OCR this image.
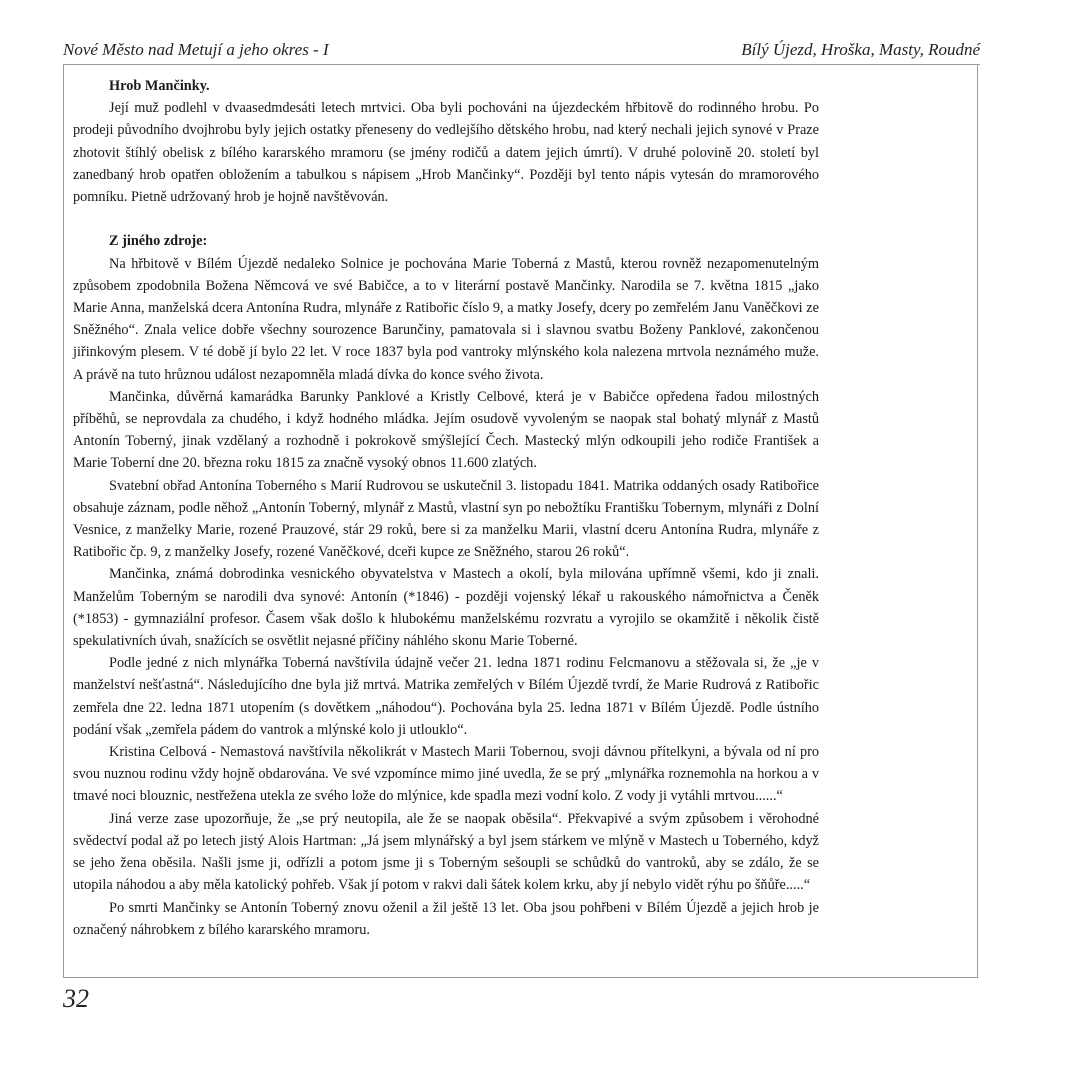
Nové Město nad Metují a jeho okres - I	Bílý Újezd, Hroška, Masty, Roudné
Hrob Mančinky.

Její muž podlehl v dvaasedmdesáti letech mrtvici. Oba byli pochováni na újezdeckém hřbitově do rodinného hrobu. Po prodeji původního dvojhrobu byly jejich ostatky přeneseny do vedlejšího dětského hrobu, nad který nechali jejich synové v Praze zhotovit štíhlý obelisk z bílého kararského mramoru (se jmény rodičů a datem jejich úmrtí). V druhé polovině 20. století byl zanedbaný hrob opatřen obložením a tabulkou s nápisem „Hrob Mančinky“. Později byl tento nápis vytesán do mramorového pomníku. Pietně udržovaný hrob je hojně navštěvován.

Z jiného zdroje:

Na hřbitově v Bílém Újezdě nedaleko Solnice je pochována Marie Toberná z Mastů, kterou rovněž nezapomenutelným způsobem zpodobnila Božena Němcová ve své Babičce, a to v literární postavě Mančinky. Narodila se 7. května 1815 „jako Marie Anna, manželská dcera Antonína Rudra, mlynáře z Ratibořic číslo 9, a matky Josefy, dcery po zemřelém Janu Vaněčkovi ze Sněžného“. Znala velice dobře všechny sourozence Barunčiny, pamatovala si i slavnou svatbu Boženy Panklové, zakončenou jiřinkovým plesem. V té době jí bylo 22 let. V roce 1837 byla pod vantroky mlýnského kola nalezena mrtvola neznámého muže. A právě na tuto hrůznou událost nezapomněla mladá dívka do konce svého života.

Mančinka, důvěrná kamarádka Barunky Panklové a Kristly Celbové, která je v Babičce opředena řadou milostných příběhů, se neprovdala za chudého, i když hodného mládka. Jejím osudově vyvoleným se naopak stal bohatý mlynář z Mastů Antonín Toberný, jinak vzdělaný a rozhodně i pokrokově smýšlející Čech. Mastecký mlýn odkoupili jeho rodiče František a Marie Toberní dne 20. března roku 1815 za značně vysoký obnos 11.600 zlatých.

Svatební obřad Antonína Toberného s Marií Rudrovou se uskutečnil 3. listopadu 1841. Matrika oddaných osady Ratibořice obsahuje záznam, podle něhož „Antonín Toberný, mlynář z Mastů, vlastní syn po nebožtíku Františku Tobernym, mlynáři z Dolní Vesnice, z manželky Marie, rozené Prauzové, stár 29 roků, bere si za manželku Marii, vlastní dceru Antonína Rudra, mlynáře z Ratibořic čp. 9, z manželky Josefy, rozené Vaněčkové, dceři kupce ze Sněžného, starou 26 roků“.

Mančinka, známá dobrodinka vesnického obyvatelstva v Mastech a okolí, byla milována upřímně všemi, kdo ji znali. Manželům Toberným se narodili dva synové: Antonín (*1846) - později vojenský lékař u rakouského námořnictva a Čeněk (*1853) - gymnaziální profesor. Časem však došlo k hlubokému manželskému rozvratu a vyrojilo se okamžitě i několik čistě spekulativních úvah, snažících se osvětlit nejasné příčiny náhlého skonu Marie Toberné.

Podle jedné z nich mlynářka Toberná navštívila údajně večer 21. ledna 1871 rodinu Felcmanovu a stěžovala si, že „je v manželství nešťastná“. Následujícího dne byla již mrtvá. Matrika zemřelých v Bílém Újezdě tvrdí, že Marie Rudrová z Ratibořic zemřela dne 22. ledna 1871 utopením (s dovětkem „náhodou“). Pochována byla 25. ledna 1871 v Bílém Újezdě. Podle ústního podání však „zemřela pádem do vantrok a mlýnské kolo ji utlouklo“.

Kristina Celbová - Nemastová navštívila několikrát v Mastech Marii Tobernou, svoji dávnou přítelkyni, a bývala od ní pro svou nuznou rodinu vždy hojně obdarována. Ve své vzpomínce mimo jiné uvedla, že se prý „mlynářka roznemohla na horkou a v tmavé noci blouznic, nestřežena utekla ze svého lože do mlýnice, kde spadla mezi vodní kolo. Z vody ji vytáhli mrtvou......“

Jiná verze zase upozorňuje, že „se prý neutopila, ale že se naopak oběsila“. Překvapivé a svým způsobem i věrohodné svědectví podal až po letech jistý Alois Hartman: „Já jsem mlynářský a byl jsem stárkem ve mlýně v Mastech u Toberného, když se jeho žena oběsila. Našli jsme ji, odřízli a potom jsme ji s Toberným sešoupli se schůdků do vantroků, aby se zdálo, že se utopila náhodou a aby měla katolický pohřeb. Však jí potom v rakvi dali šátek kolem krku, aby jí nebylo vidět rýhu po šňůře.....“

Po smrti Mančinky se Antonín Toberný znovu oženil a žil ještě 13 let. Oba jsou pohřbeni v Bílém Újezdě a jejich hrob je označený náhrobkem z bílého kararského mramoru.

32
